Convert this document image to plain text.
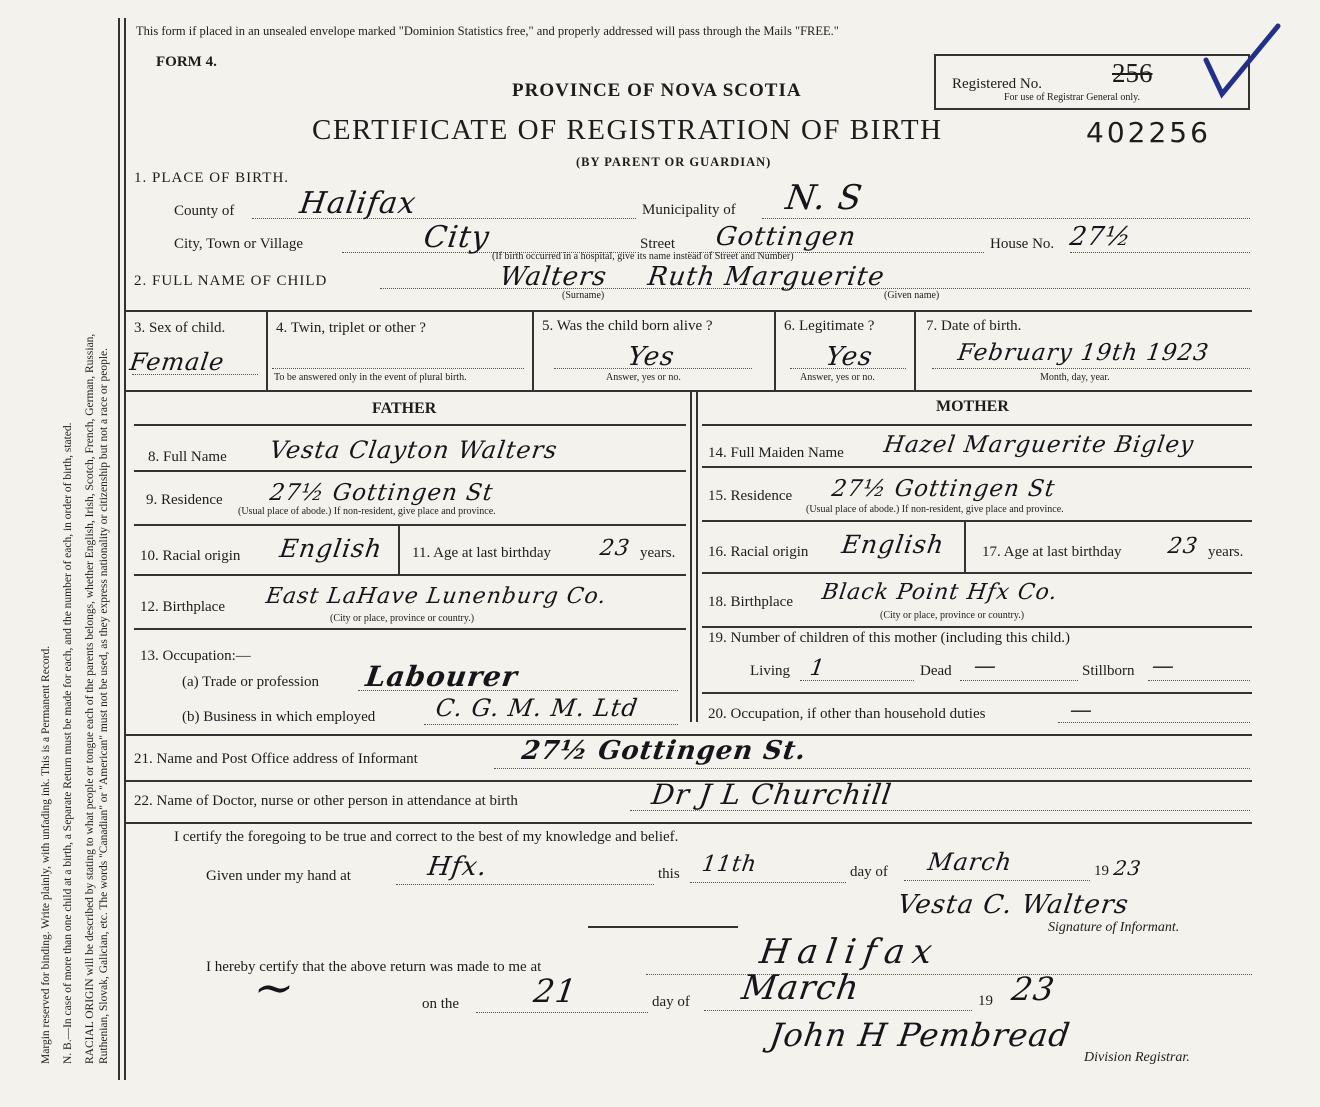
Margin reserved for binding. Write plainly, with unfading ink. This is a Permanent Record. N. B.—In case of more than one child at a birth, a Separate Return must be made for each, and the number of each, in order of birth, stated. RACIAL ORIGIN will be described by stating to what people or tongue each of the parents belongs, whether English, Irish, Scotch, French, German, Russian, Ruthenian, Slovak, Galician, etc. The words "Canadian" or "American" must not be used, as they express nationality or citizenship but not a race or people.
This form if placed in an unsealed envelope marked "Dominion Statistics free," and properly addressed will pass through the Mails "FREE."
FORM 4.
PROVINCE OF NOVA SCOTIA
CERTIFICATE OF REGISTRATION OF BIRTH	402256
(BY PARENT OR GUARDIAN)
Registered No.	256
For use of Registrar General only.
1. PLACE OF BIRTH.
County of Halifax	Municipality of N. S
City, Town or Village	City
(If birth occurred in a hospital, give its name instead of Street and Number)
Street Gottingen	House No. 27½
2. FULL NAME OF CHILD	Walters Ruth Marguerite
(Surname)	(Given name)
3. Sex of child.
Female
4. Twin, triplet or other ?
To be answered only in the event of plural birth.
5. Was the child born alive ?
Yes
Answer, yes or no.
6. Legitimate ?
Yes
Answer, yes or no.
7. Date of birth.
February 19th 1923
Month, day, year.
FATHER	MOTHER
8. Full Name Vesta Clayton Walters
9. Residence 27½ Gottingen St
(Usual place of abode.) If non-resident, give place and province.
10. Racial origin English 11. Age at last birthday 23 years.
12. Birthplace East LaHave Lunenburg Co.
(City or place, province or country.)
13. Occupation:—
(a) Trade or profession Labourer
(b) Business in which employed C. G. M. M. Ltd
14. Full Maiden Name Hazel Marguerite Bigley
15. Residence 27½ Gottingen St
(Usual place of abode.) If non-resident, give place and province.
16. Racial origin English 17. Age at last birthday 23 years.
18. Birthplace Black Point Hfx Co.
(City or place, province or country.)
19. Number of children of this mother (including this child.)
Living 1	Dead —	Stillborn —
20. Occupation, if other than household duties	—
21. Name and Post Office address of Informant	27½ Gottingen St.
22. Name of Doctor, nurse or other person in attendance at birth	Dr J L Churchill
I certify the foregoing to be true and correct to the best of my knowledge and belief.
Given under my hand at	Hfx.	this 11th	day of March	19 23
Vesta C. Walters
Signature of Informant.
I hereby certify that the above return was made to me at	Halifax
~	on the 21	day of March	19 23
John H Pembread
Division Registrar.
